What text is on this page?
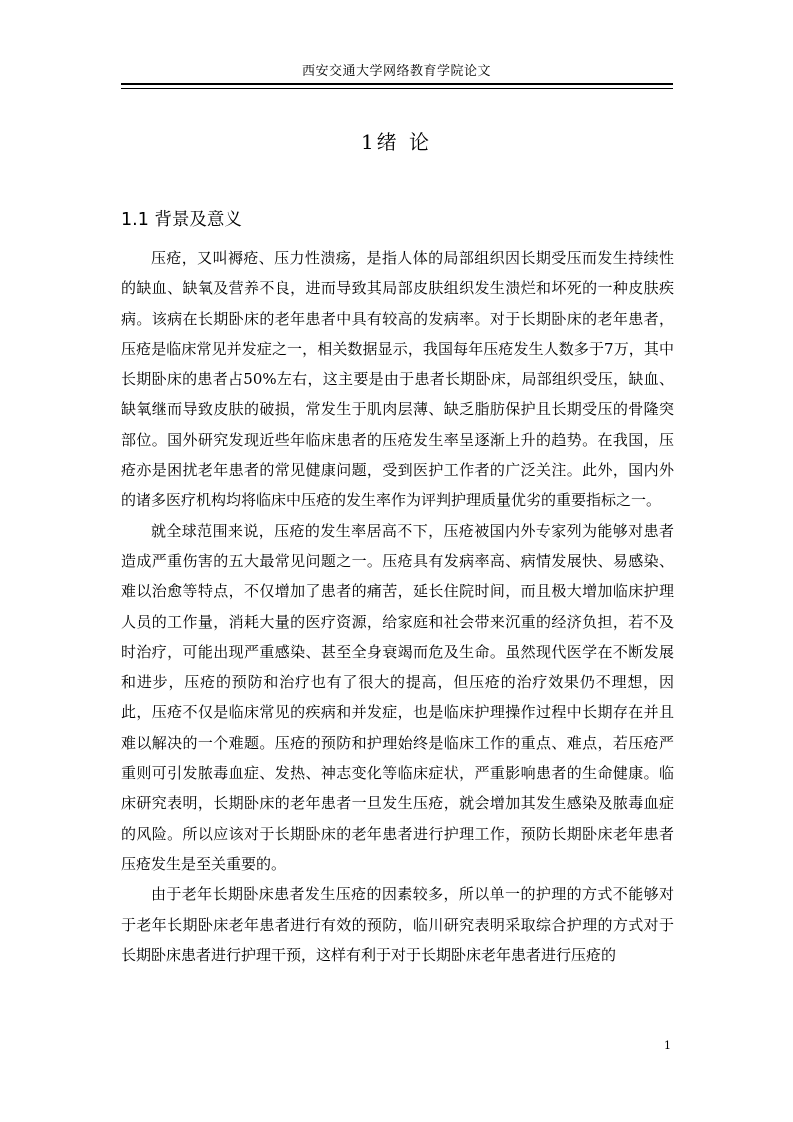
西安交通大学网络教育学院论文
1绪 论
1.1 背景及意义

压疮，又叫褥疮、压力性溃疡，是指人体的局部组织因长期受压而发生持续性的缺血、缺氧及营养不良，进而导致其局部皮肤组织发生溃烂和坏死的一种皮肤疾病。该病在长期卧床的老年患者中具有较高的发病率。对于长期卧床的老年患者，压疮是临床常见并发症之一，相关数据显示，我国每年压疮发生人数多于7万，其中长期卧床的患者占50%左右，这主要是由于患者长期卧床，局部组织受压，缺血、缺氧继而导致皮肤的破损，常发生于肌肉层薄、缺乏脂肪保护且长期受压的骨隆突部位。国外研究发现近些年临床患者的压疮发生率呈逐渐上升的趋势。在我国，压疮亦是困扰老年患者的常见健康问题，受到医护工作者的广泛关注。此外，国内外的诸多医疗机构均将临床中压疮的发生率作为评判护理质量优劣的重要指标之一。

就全球范围来说，压疮的发生率居高不下，压疮被国内外专家列为能够对患者造成严重伤害的五大最常见问题之一。压疮具有发病率高、病情发展快、易感染、难以治愈等特点，不仅增加了患者的痛苦，延长住院时间，而且极大增加临床护理人员的工作量，消耗大量的医疗资源，给家庭和社会带来沉重的经济负担，若不及时治疗，可能出现严重感染、甚至全身衰竭而危及生命。虽然现代医学在不断发展和进步，压疮的预防和治疗也有了很大的提高，但压疮的治疗效果仍不理想，因此，压疮不仅是临床常见的疾病和并发症，也是临床护理操作过程中长期存在并且难以解决的一个难题。压疮的预防和护理始终是临床工作的重点、难点，若压疮严重则可引发脓毒血症、发热、神志变化等临床症状，严重影响患者的生命健康。临床研究表明，长期卧床的老年患者一旦发生压疮，就会增加其发生感染及脓毒血症的风险。所以应该对于长期卧床的老年患者进行护理工作，预防长期卧床老年患者压疮发生是至关重要的。

由于老年长期卧床患者发生压疮的因素较多，所以单一的护理的方式不能够对于老年长期卧床老年患者进行有效的预防，临川研究表明采取综合护理的方式对于长期卧床患者进行护理干预，这样有利于对于长期卧床老年患者进行压疮的

1
